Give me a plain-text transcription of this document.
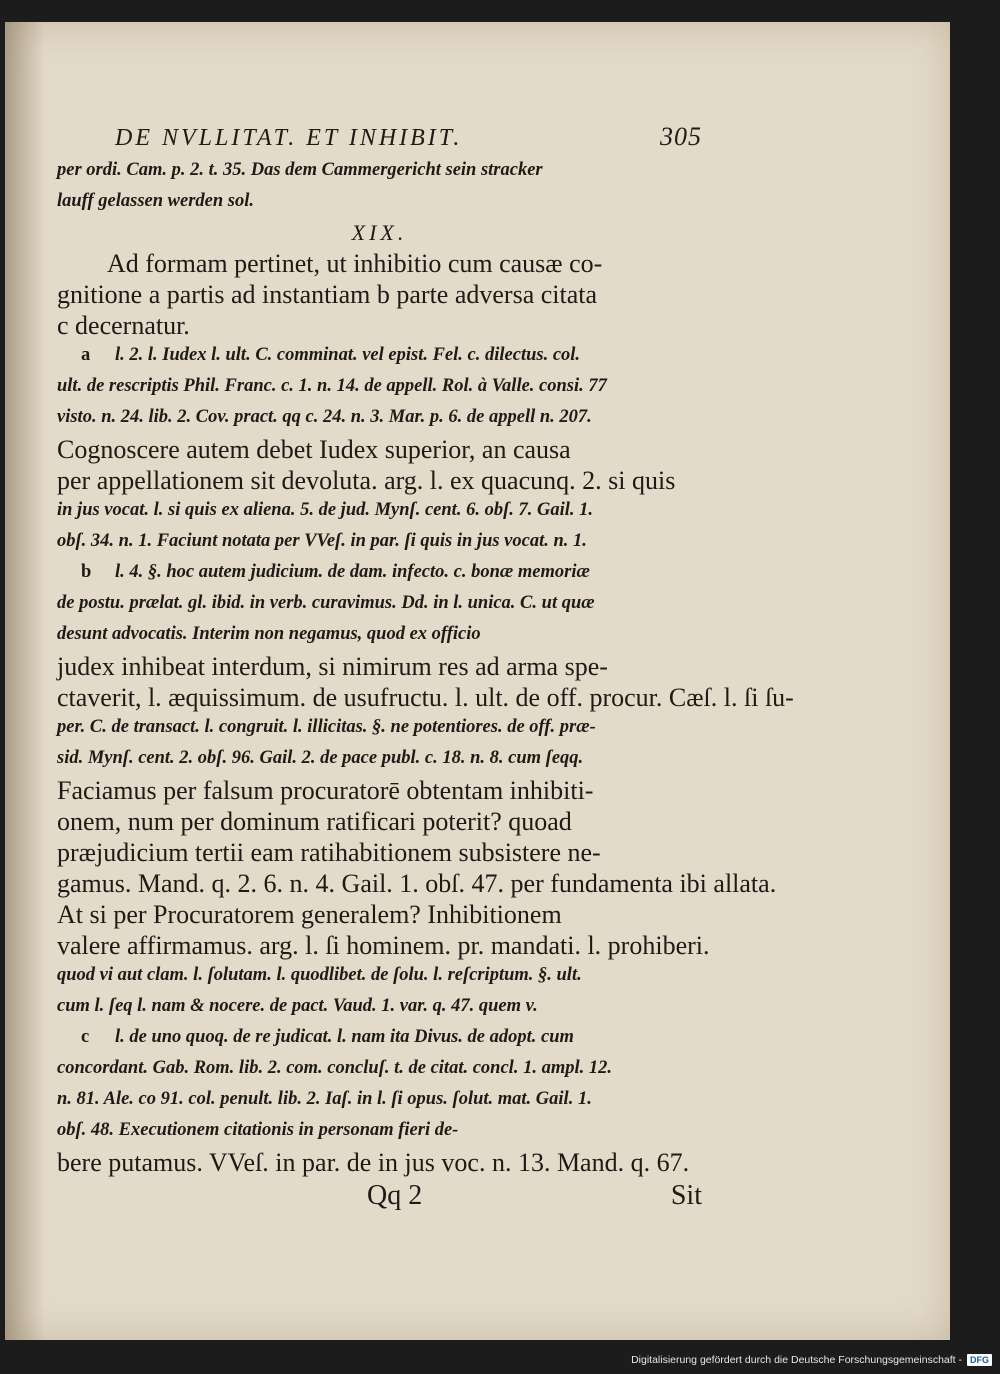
DE NVLLITAT. ET INHIBIT.	305
per ordi. Cam. p. 2. t. 35. Das dem Cammergericht sein stracker
lauff gelassen werden sol.
XIX.
Ad formam pertinet, ut inhibitio cum causæ co-
gnitione a partis ad instantiam b parte adversa citata
c decernatur.
a l. 2. l. Iudex l. ult. C. comminat. vel epist. Fel. c. dilectus. col.
ult. de rescriptis Phil. Franc. c. 1. n. 14. de appell. Rol. à Valle. consi. 77
visto. n. 24. lib. 2. Cov. pract. qq c. 24. n. 3. Mar. p. 6. de appell n. 207.
Cognoscere autem debet Iudex superior, an causa
per appellationem sit devoluta. arg. l. ex quacunq. 2. si quis
in jus vocat. l. si quis ex aliena. 5. de jud. Mynſ. cent. 6. obſ. 7. Gail. 1.
obſ. 34. n. 1. Faciunt notata per VVeſ. in par. ſi quis in jus vocat. n. 1.
b l. 4. §. hoc autem judicium. de dam. infecto. c. bonæ memoriæ
de postu. prælat. gl. ibid. in verb. curavimus. Dd. in l. unica. C. ut quæ
desunt advocatis. Interim non negamus, quod ex officio
judex inhibeat interdum, si nimirum res ad arma spe-
ctaverit, l. æquissimum. de usufructu. l. ult. de off. procur. Cæſ. l. ſi ſu-
per. C. de transact. l. congruit. l. illicitas. §. ne potentiores. de off. præ-
sid. Mynſ. cent. 2. obſ. 96. Gail. 2. de pace publ. c. 18. n. 8. cum ſeqq.
Faciamus per falsum procuratorē obtentam inhibiti-
onem, num per dominum ratificari poterit? quoad
præjudicium tertii eam ratihabitionem subsistere ne-
gamus. Mand. q. 2. 6. n. 4. Gail. 1. obſ. 47. per fundamenta ibi allata.
At si per Procuratorem generalem? Inhibitionem
valere affirmamus. arg. l. ſi hominem. pr. mandati. l. prohiberi.
quod vi aut clam. l. ſolutam. l. quodlibet. de ſolu. l. reſcriptum. §. ult.
cum l. ſeq l. nam & nocere. de pact. Vaud. 1. var. q. 47. quem v.
c l. de uno quoq. de re judicat. l. nam ita Divus. de adopt. cum
concordant. Gab. Rom. lib. 2. com. concluſ. t. de citat. concl. 1. ampl. 12.
n. 81. Ale. co 91. col. penult. lib. 2. Iaſ. in l. ſi opus. ſolut. mat. Gail. 1.
obſ. 48. Executionem citationis in personam fieri de-
bere putamus. VVeſ. in par. de in jus voc. n. 13. Mand. q. 67.
Qq 2	Sit
Digitalisierung gefördert durch die Deutsche Forschungsgemeinschaft - DFG
